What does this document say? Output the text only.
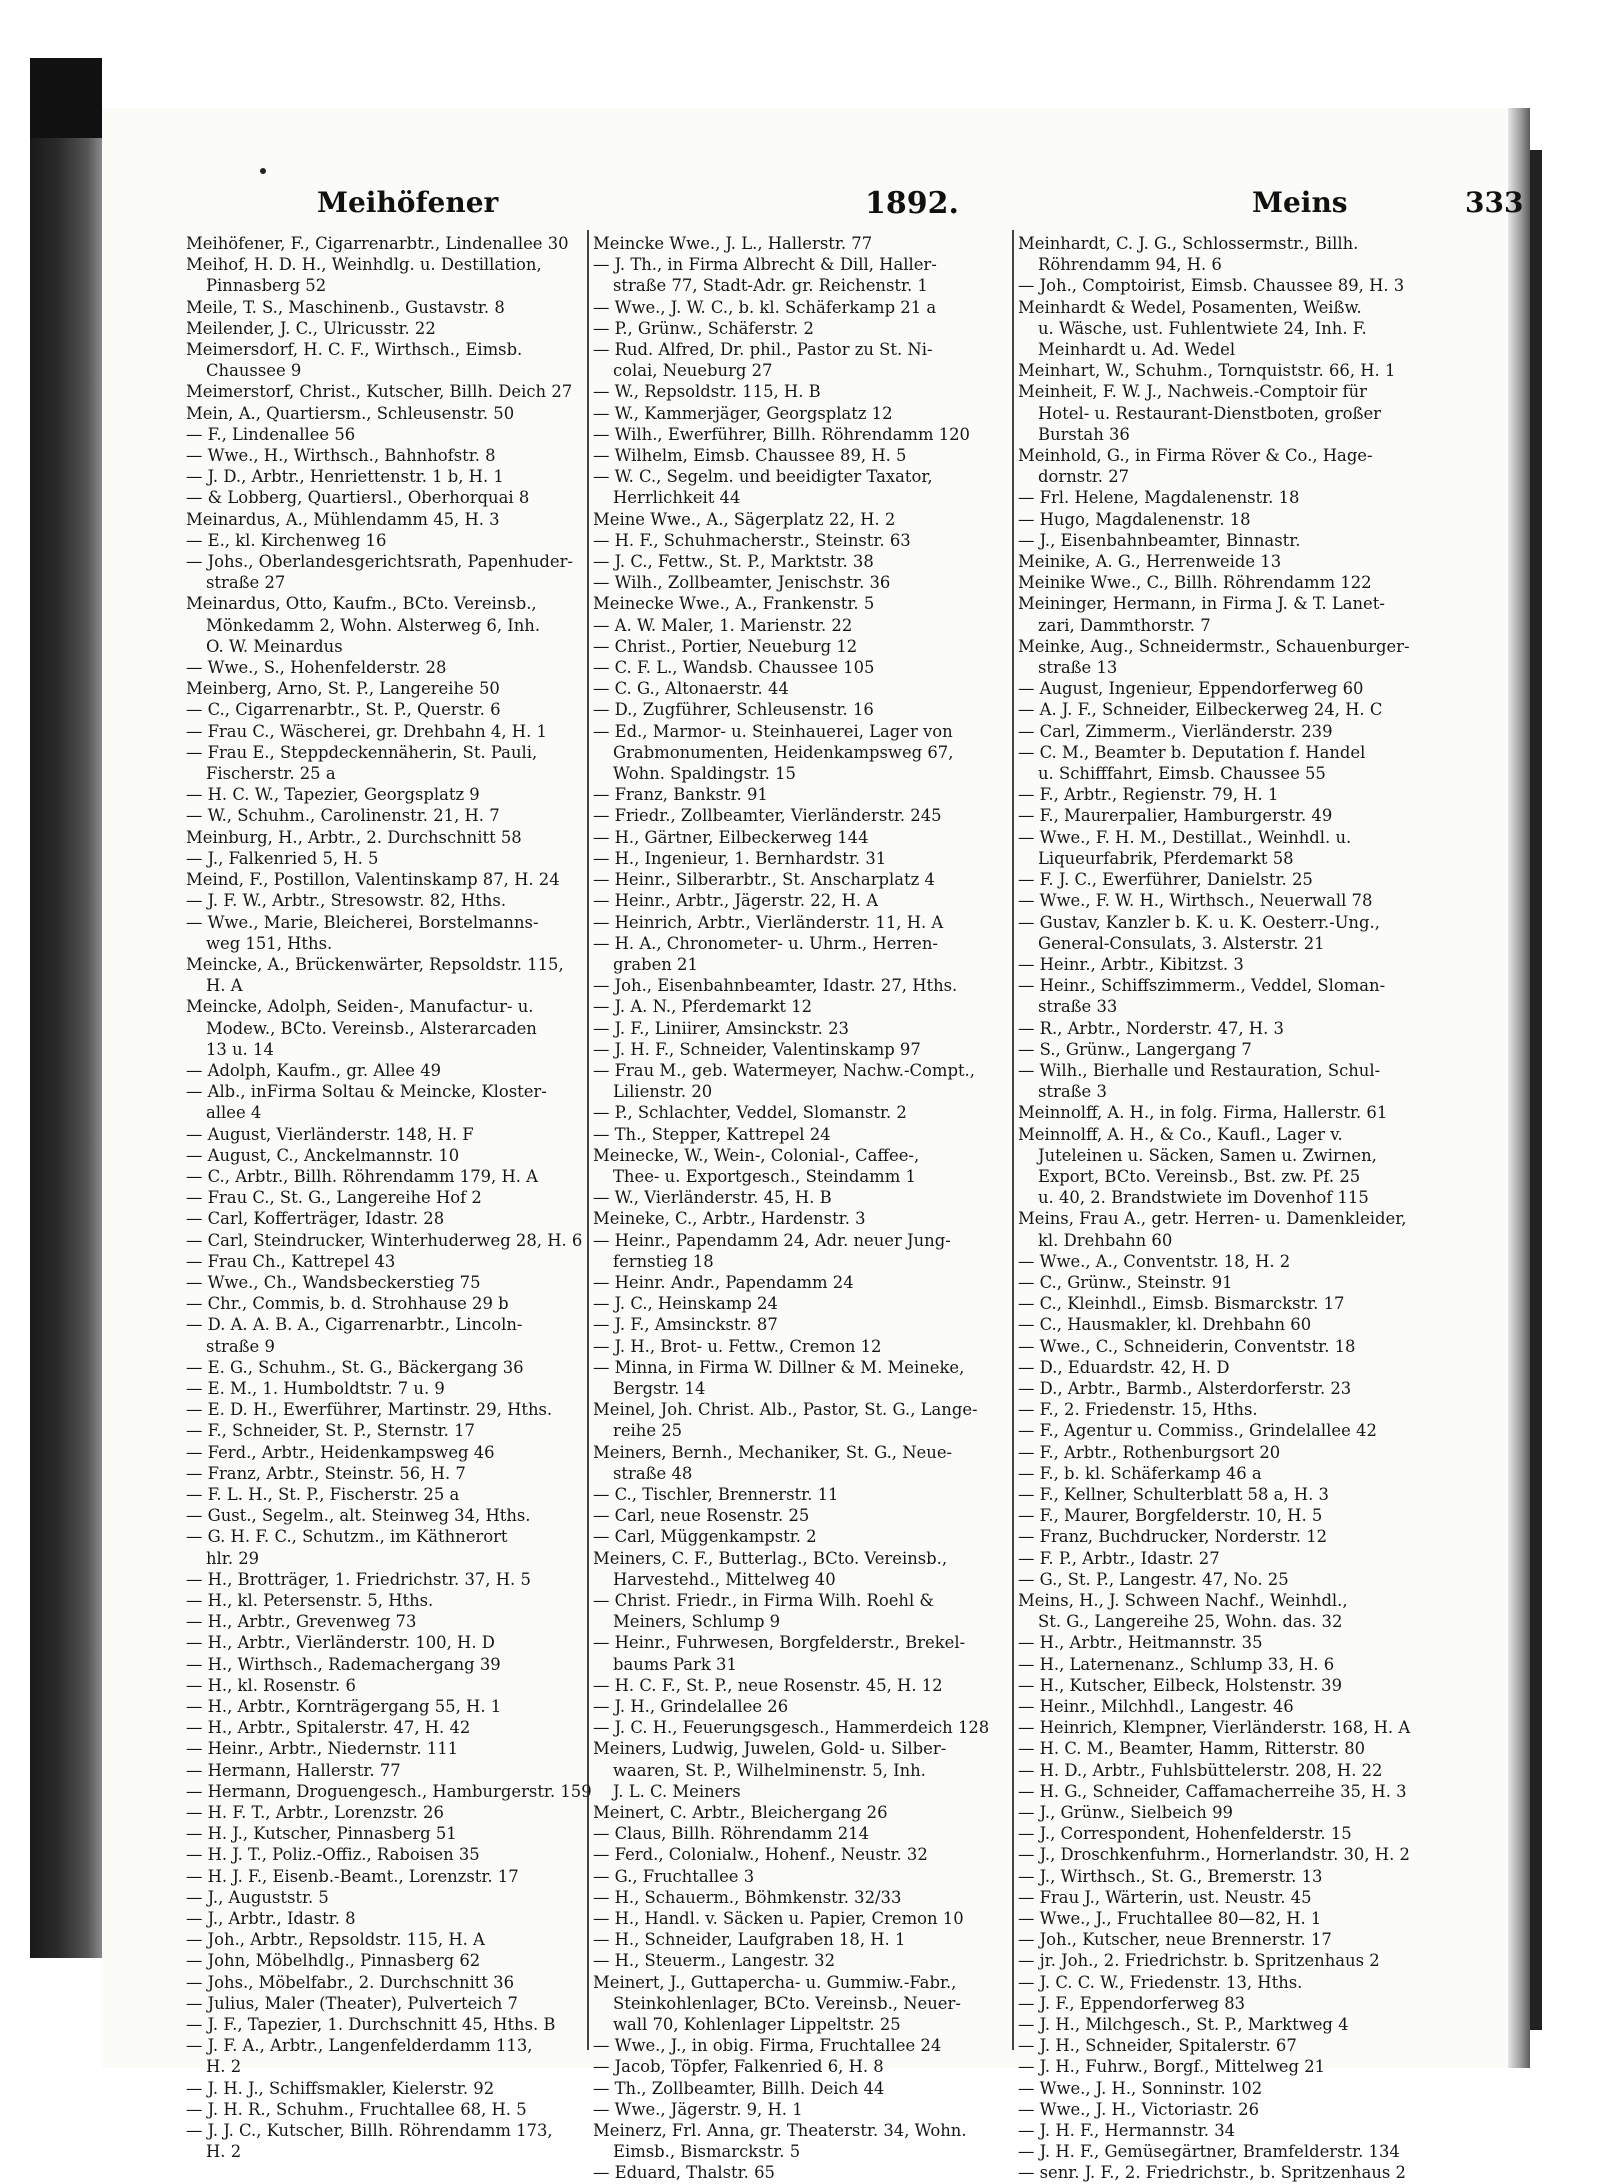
Meihöfener	1892.	Meins	333
Meihöfener, F., Cigarrenarbtr., Lindenallee 30
Meihof, H. D. H., Weinhdlg. u. Destillation,
Pinnasberg 52
Meile, T. S., Maschinenb., Gustavstr. 8
Meilender, J. C., Ulricusstr. 22
Meimersdorf, H. C. F., Wirthsch., Eimsb.
Chaussee 9
Meimerstorf, Christ., Kutscher, Billh. Deich 27
Mein, A., Quartiersm., Schleusenstr. 50
— F., Lindenallee 56
— Wwe., H., Wirthsch., Bahnhofstr. 8
— J. D., Arbtr., Henriettenstr. 1 b, H. 1
— & Lobberg, Quartiersl., Oberhorquai 8
Meinardus, A., Mühlendamm 45, H. 3
— E., kl. Kirchenweg 16
— Johs., Oberlandesgerichtsrath, Papenhuder-
straße 27
Meinardus, Otto, Kaufm., BCto. Vereinsb.,
Mönkedamm 2, Wohn. Alsterweg 6, Inh.
O. W. Meinardus
— Wwe., S., Hohenfelderstr. 28
Meinberg, Arno, St. P., Langereihe 50
— C., Cigarrenarbtr., St. P., Querstr. 6
— Frau C., Wäscherei, gr. Drehbahn 4, H. 1
— Frau E., Steppdeckennäherin, St. Pauli,
Fischerstr. 25 a
— H. C. W., Tapezier, Georgsplatz 9
— W., Schuhm., Carolinenstr. 21, H. 7
Meinburg, H., Arbtr., 2. Durchschnitt 58
— J., Falkenried 5, H. 5
Meind, F., Postillon, Valentinskamp 87, H. 24
— J. F. W., Arbtr., Stresowstr. 82, Hths.
— Wwe., Marie, Bleicherei, Borstelmanns-
weg 151, Hths.
Meincke, A., Brückenwärter, Repsoldstr. 115,
H. A
Meincke, Adolph, Seiden-, Manufactur- u.
Modew., BCto. Vereinsb., Alsterarcaden
13 u. 14
— Adolph, Kaufm., gr. Allee 49
— Alb., inFirma Soltau & Meincke, Kloster-
allee 4
— August, Vierländerstr. 148, H. F
— August, C., Anckelmannstr. 10
— C., Arbtr., Billh. Röhrendamm 179, H. A
— Frau C., St. G., Langereihe Hof 2
— Carl, Kofferträger, Idastr. 28
— Carl, Steindrucker, Winterhuderweg 28, H. 6
— Frau Ch., Kattrepel 43
— Wwe., Ch., Wandsbeckerstieg 75
— Chr., Commis, b. d. Strohhause 29 b
— D. A. A. B. A., Cigarrenarbtr., Lincoln-
straße 9
— E. G., Schuhm., St. G., Bäckergang 36
— E. M., 1. Humboldtstr. 7 u. 9
— E. D. H., Ewerführer, Martinstr. 29, Hths.
— F., Schneider, St. P., Sternstr. 17
— Ferd., Arbtr., Heidenkampsweg 46
— Franz, Arbtr., Steinstr. 56, H. 7
— F. L. H., St. P., Fischerstr. 25 a
— Gust., Segelm., alt. Steinweg 34, Hths.
— G. H. F. C., Schutzm., im Käthnerort
hlr. 29
— H., Brotträger, 1. Friedrichstr. 37, H. 5
— H., kl. Petersenstr. 5, Hths.
— H., Arbtr., Grevenweg 73
— H., Arbtr., Vierländerstr. 100, H. D
— H., Wirthsch., Rademachergang 39
— H., kl. Rosenstr. 6
— H., Arbtr., Kornträgergang 55, H. 1
— H., Arbtr., Spitalerstr. 47, H. 42
— Heinr., Arbtr., Niedernstr. 111
— Hermann, Hallerstr. 77
— Hermann, Droguengesch., Hamburgerstr. 159
— H. F. T., Arbtr., Lorenzstr. 26
— H. J., Kutscher, Pinnasberg 51
— H. J. T., Poliz.-Offiz., Raboisen 35
— H. J. F., Eisenb.-Beamt., Lorenzstr. 17
— J., Auguststr. 5
— J., Arbtr., Idastr. 8
— Joh., Arbtr., Repsoldstr. 115, H. A
— John, Möbelhdlg., Pinnasberg 62
— Johs., Möbelfabr., 2. Durchschnitt 36
— Julius, Maler (Theater), Pulverteich 7
— J. F., Tapezier, 1. Durchschnitt 45, Hths. B
— J. F. A., Arbtr., Langenfelderdamm 113,
H. 2
— J. H. J., Schiffsmakler, Kielerstr. 92
— J. H. R., Schuhm., Fruchtallee 68, H. 5
— J. J. C., Kutscher, Billh. Röhrendamm 173,
H. 2
Meincke Wwe., J. L., Hallerstr. 77
— J. Th., in Firma Albrecht & Dill, Haller-
straße 77, Stadt-Adr. gr. Reichenstr. 1
— Wwe., J. W. C., b. kl. Schäferkamp 21 a
— P., Grünw., Schäferstr. 2
— Rud. Alfred, Dr. phil., Pastor zu St. Ni-
colai, Neueburg 27
— W., Repsoldstr. 115, H. B
— W., Kammerjäger, Georgsplatz 12
— Wilh., Ewerführer, Billh. Röhrendamm 120
— Wilhelm, Eimsb. Chaussee 89, H. 5
— W. C., Segelm. und beeidigter Taxator,
Herrlichkeit 44
Meine Wwe., A., Sägerplatz 22, H. 2
— H. F., Schuhmacherstr., Steinstr. 63
— J. C., Fettw., St. P., Marktstr. 38
— Wilh., Zollbeamter, Jenischstr. 36
Meinecke Wwe., A., Frankenstr. 5
— A. W. Maler, 1. Marienstr. 22
— Christ., Portier, Neueburg 12
— C. F. L., Wandsb. Chaussee 105
— C. G., Altonaerstr. 44
— D., Zugführer, Schleusenstr. 16
— Ed., Marmor- u. Steinhauerei, Lager von
Grabmonumenten, Heidenkampsweg 67,
Wohn. Spaldingstr. 15
— Franz, Bankstr. 91
— Friedr., Zollbeamter, Vierländerstr. 245
— H., Gärtner, Eilbeckerweg 144
— H., Ingenieur, 1. Bernhardstr. 31
— Heinr., Silberarbtr., St. Anscharplatz 4
— Heinr., Arbtr., Jägerstr. 22, H. A
— Heinrich, Arbtr., Vierländerstr. 11, H. A
— H. A., Chronometer- u. Uhrm., Herren-
graben 21
— Joh., Eisenbahnbeamter, Idastr. 27, Hths.
— J. A. N., Pferdemarkt 12
— J. F., Liniirer, Amsinckstr. 23
— J. H. F., Schneider, Valentinskamp 97
— Frau M., geb. Watermeyer, Nachw.-Compt.,
Lilienstr. 20
— P., Schlachter, Veddel, Slomanstr. 2
— Th., Stepper, Kattrepel 24
Meinecke, W., Wein-, Colonial-, Caffee-,
Thee- u. Exportgesch., Steindamm 1
— W., Vierländerstr. 45, H. B
Meineke, C., Arbtr., Hardenstr. 3
— Heinr., Papendamm 24, Adr. neuer Jung-
fernstieg 18
— Heinr. Andr., Papendamm 24
— J. C., Heinskamp 24
— J. F., Amsinckstr. 87
— J. H., Brot- u. Fettw., Cremon 12
— Minna, in Firma W. Dillner & M. Meineke,
Bergstr. 14
Meinel, Joh. Christ. Alb., Pastor, St. G., Lange-
reihe 25
Meiners, Bernh., Mechaniker, St. G., Neue-
straße 48
— C., Tischler, Brennerstr. 11
— Carl, neue Rosenstr. 25
— Carl, Müggenkampstr. 2
Meiners, C. F., Butterlag., BCto. Vereinsb.,
Harvestehd., Mittelweg 40
— Christ. Friedr., in Firma Wilh. Roehl &
Meiners, Schlump 9
— Heinr., Fuhrwesen, Borgfelderstr., Brekel-
baums Park 31
— H. C. F., St. P., neue Rosenstr. 45, H. 12
— J. H., Grindelallee 26
— J. C. H., Feuerungsgesch., Hammerdeich 128
Meiners, Ludwig, Juwelen, Gold- u. Silber-
waaren, St. P., Wilhelminenstr. 5, Inh.
J. L. C. Meiners
Meinert, C. Arbtr., Bleichergang 26
— Claus, Billh. Röhrendamm 214
— Ferd., Colonialw., Hohenf., Neustr. 32
— G., Fruchtallee 3
— H., Schauerm., Böhmkenstr. 32/33
— H., Handl. v. Säcken u. Papier, Cremon 10
— H., Schneider, Laufgraben 18, H. 1
— H., Steuerm., Langestr. 32
Meinert, J., Guttapercha- u. Gummiw.-Fabr.,
Steinkohlenlager, BCto. Vereinsb., Neuer-
wall 70, Kohlenlager Lippeltstr. 25
— Wwe., J., in obig. Firma, Fruchtallee 24
— Jacob, Töpfer, Falkenried 6, H. 8
— Th., Zollbeamter, Billh. Deich 44
— Wwe., Jägerstr. 9, H. 1
Meinerz, Frl. Anna, gr. Theaterstr. 34, Wohn.
Eimsb., Bismarckstr. 5
— Eduard, Thalstr. 65
Meinhardt, C. J. G., Schlossermstr., Billh.
Röhrendamm 94, H. 6
— Joh., Comptoirist, Eimsb. Chaussee 89, H. 3
Meinhardt & Wedel, Posamenten, Weißw.
u. Wäsche, ust. Fuhlentwiete 24, Inh. F.
Meinhardt u. Ad. Wedel
Meinhart, W., Schuhm., Tornquiststr. 66, H. 1
Meinheit, F. W. J., Nachweis.-Comptoir für
Hotel- u. Restaurant-Dienstboten, großer
Burstah 36
Meinhold, G., in Firma Röver & Co., Hage-
dornstr. 27
— Frl. Helene, Magdalenenstr. 18
— Hugo, Magdalenenstr. 18
— J., Eisenbahnbeamter, Binnastr.
Meinike, A. G., Herrenweide 13
Meinike Wwe., C., Billh. Röhrendamm 122
Meininger, Hermann, in Firma J. & T. Lanet-
zari, Dammthorstr. 7
Meinke, Aug., Schneidermstr., Schauenburger-
straße 13
— August, Ingenieur, Eppendorferweg 60
— A. J. F., Schneider, Eilbeckerweg 24, H. C
— Carl, Zimmerm., Vierländerstr. 239
— C. M., Beamter b. Deputation f. Handel
u. Schifffahrt, Eimsb. Chaussee 55
— F., Arbtr., Regienstr. 79, H. 1
— F., Maurerpalier, Hamburgerstr. 49
— Wwe., F. H. M., Destillat., Weinhdl. u.
Liqueurfabrik, Pferdemarkt 58
— F. J. C., Ewerführer, Danielstr. 25
— Wwe., F. W. H., Wirthsch., Neuerwall 78
— Gustav, Kanzler b. K. u. K. Oesterr.-Ung.,
General-Consulats, 3. Alsterstr. 21
— Heinr., Arbtr., Kibitzst. 3
— Heinr., Schiffszimmerm., Veddel, Sloman-
straße 33
— R., Arbtr., Norderstr. 47, H. 3
— S., Grünw., Langergang 7
— Wilh., Bierhalle und Restauration, Schul-
straße 3
Meinnolff, A. H., in folg. Firma, Hallerstr. 61
Meinnolff, A. H., & Co., Kaufl., Lager v.
Juteleinen u. Säcken, Samen u. Zwirnen,
Export, BCto. Vereinsb., Bst. zw. Pf. 25
u. 40, 2. Brandstwiete im Dovenhof 115
Meins, Frau A., getr. Herren- u. Damenkleider,
kl. Drehbahn 60
— Wwe., A., Conventstr. 18, H. 2
— C., Grünw., Steinstr. 91
— C., Kleinhdl., Eimsb. Bismarckstr. 17
— C., Hausmakler, kl. Drehbahn 60
— Wwe., C., Schneiderin, Conventstr. 18
— D., Eduardstr. 42, H. D
— D., Arbtr., Barmb., Alsterdorferstr. 23
— F., 2. Friedenstr. 15, Hths.
— F., Agentur u. Commiss., Grindelallee 42
— F., Arbtr., Rothenburgsort 20
— F., b. kl. Schäferkamp 46 a
— F., Kellner, Schulterblatt 58 a, H. 3
— F., Maurer, Borgfelderstr. 10, H. 5
— Franz, Buchdrucker, Norderstr. 12
— F. P., Arbtr., Idastr. 27
— G., St. P., Langestr. 47, No. 25
Meins, H., J. Schween Nachf., Weinhdl.,
St. G., Langereihe 25, Wohn. das. 32
— H., Arbtr., Heitmannstr. 35
— H., Laternenanz., Schlump 33, H. 6
— H., Kutscher, Eilbeck, Holstenstr. 39
— Heinr., Milchhdl., Langestr. 46
— Heinrich, Klempner, Vierländerstr. 168, H. A
— H. C. M., Beamter, Hamm, Ritterstr. 80
— H. D., Arbtr., Fuhlsbüttelerstr. 208, H. 22
— H. G., Schneider, Caffamacherreihe 35, H. 3
— J., Grünw., Sielbeich 99
— J., Correspondent, Hohenfelderstr. 15
— J., Droschkenfuhrm., Hornerlandstr. 30, H. 2
— J., Wirthsch., St. G., Bremerstr. 13
— Frau J., Wärterin, ust. Neustr. 45
— Wwe., J., Fruchtallee 80—82, H. 1
— Joh., Kutscher, neue Brennerstr. 17
— jr. Joh., 2. Friedrichstr. b. Spritzenhaus 2
— J. C. C. W., Friedenstr. 13, Hths.
— J. F., Eppendorferweg 83
— J. H., Milchgesch., St. P., Marktweg 4
— J. H., Schneider, Spitalerstr. 67
— J. H., Fuhrw., Borgf., Mittelweg 21
— Wwe., J. H., Sonninstr. 102
— Wwe., J. H., Victoriastr. 26
— J. H. F., Hermannstr. 34
— J. H. F., Gemüsegärtner, Bramfelderstr. 134
— senr. J. F., 2. Friedrichstr., b. Spritzenhaus 2
